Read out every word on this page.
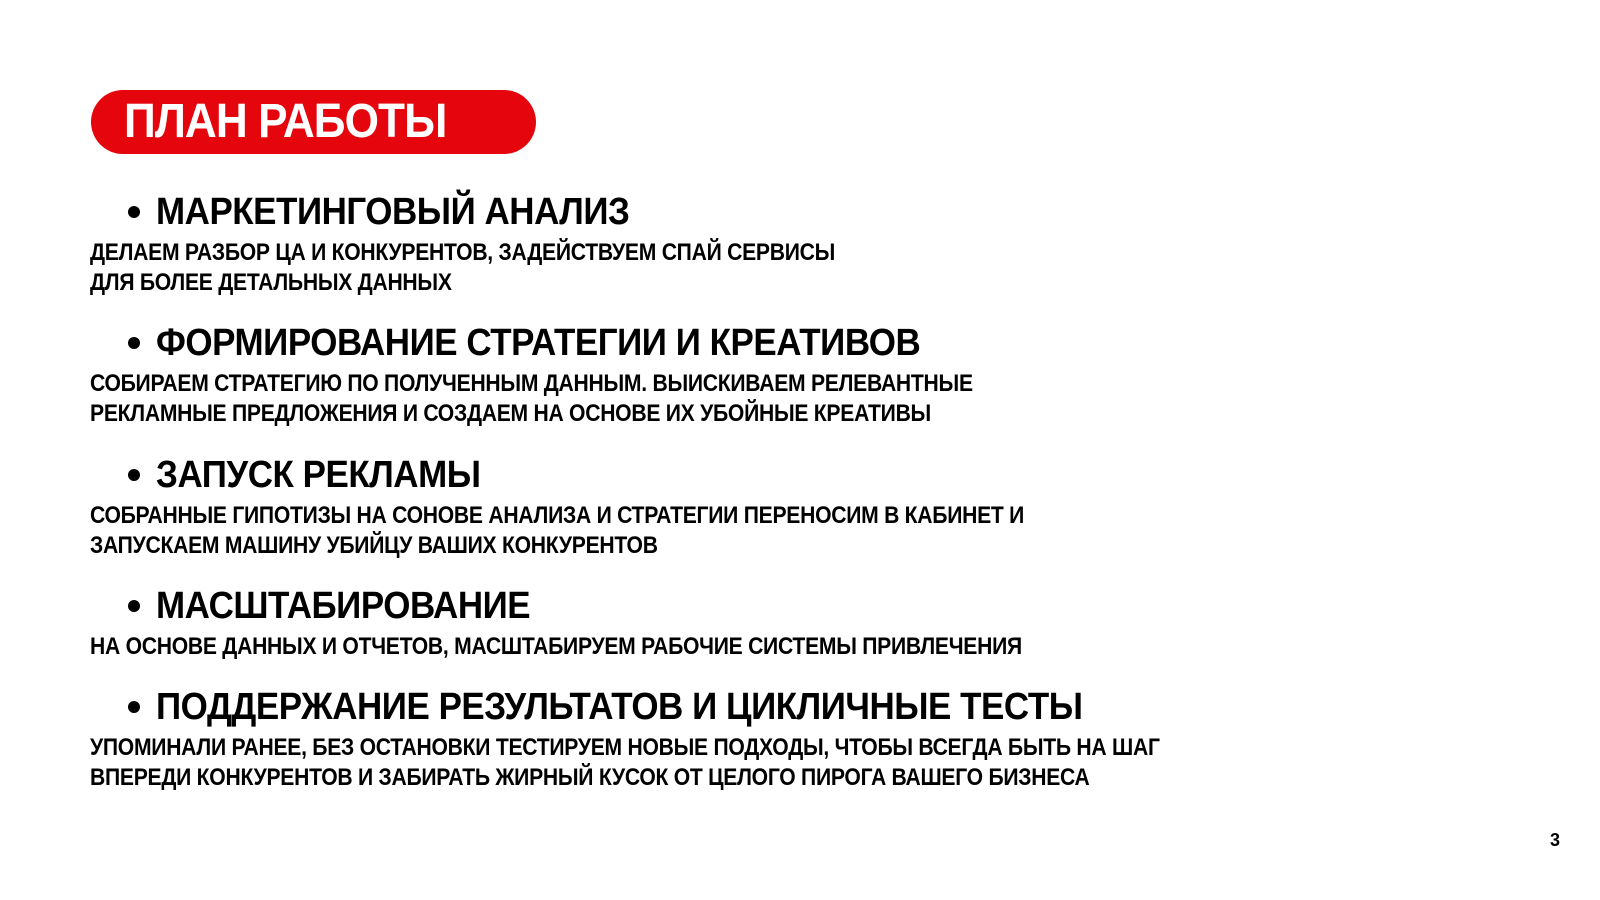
ПЛАН РАБОТЫ
МАРКЕТИНГОВЫЙ АНАЛИЗ
ДЕЛАЕМ РАЗБОР ЦА И КОНКУРЕНТОВ, ЗАДЕЙСТВУЕМ СПАЙ СЕРВИСЫ
ДЛЯ БОЛЕЕ ДЕТАЛЬНЫХ ДАННЫХ
ФОРМИРОВАНИЕ СТРАТЕГИИ И КРЕАТИВОВ
СОБИРАЕМ СТРАТЕГИЮ ПО ПОЛУЧЕННЫМ ДАННЫМ. ВЫИСКИВАЕМ РЕЛЕВАНТНЫЕ
РЕКЛАМНЫЕ ПРЕДЛОЖЕНИЯ И СОЗДАЕМ НА ОСНОВЕ ИХ УБОЙНЫЕ КРЕАТИВЫ
ЗАПУСК РЕКЛАМЫ
СОБРАННЫЕ ГИПОТИЗЫ НА СОНОВЕ АНАЛИЗА И СТРАТЕГИИ ПЕРЕНОСИМ В КАБИНЕТ И
ЗАПУСКАЕМ МАШИНУ УБИЙЦУ ВАШИХ КОНКУРЕНТОВ
МАСШТАБИРОВАНИЕ
НА ОСНОВЕ ДАННЫХ И ОТЧЕТОВ, МАСШТАБИРУЕМ РАБОЧИЕ СИСТЕМЫ ПРИВЛЕЧЕНИЯ
ПОДДЕРЖАНИЕ РЕЗУЛЬТАТОВ И ЦИКЛИЧНЫЕ ТЕСТЫ
УПОМИНАЛИ РАНЕЕ, БЕЗ ОСТАНОВКИ ТЕСТИРУЕМ НОВЫЕ ПОДХОДЫ, ЧТОБЫ ВСЕГДА БЫТЬ НА ШАГ
ВПЕРЕДИ КОНКУРЕНТОВ И ЗАБИРАТЬ ЖИРНЫЙ КУСОК ОТ ЦЕЛОГО ПИРОГА ВАШЕГО БИЗНЕСА
3
